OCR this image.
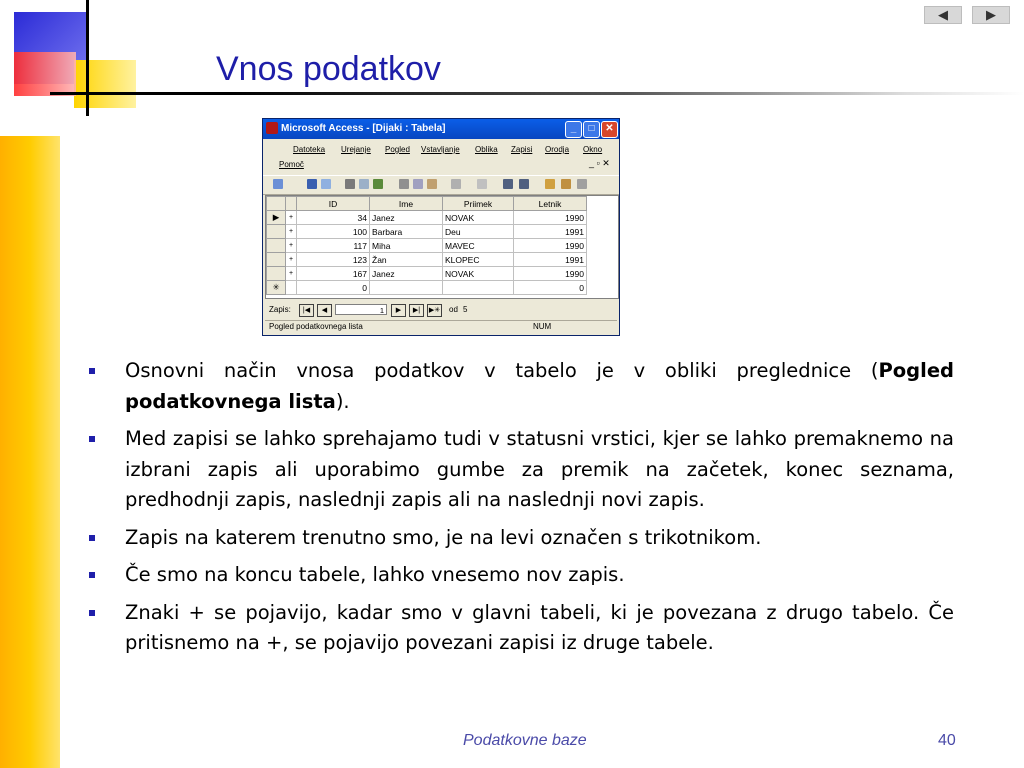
Vnos podatkov
◀	▶
Microsoft Access - [Dijaki : Tabela]	_	□	✕
Datoteka Urejanje Pogled Vstavljanje Oblika Zapisi Orodja Okno
Pomoč	_ ▫ ✕
		ID	Ime	Priimek	Letnik
▶	+	34	Janez	NOVAK	1990
	+	100	Barbara	Deu	1991
	+	117	Miha	MAVEC	1990
	+	123	Žan	KLOPEC	1991
	+	167	Janez	NOVAK	1990
✳		0			0
Zapis:	|◀	◀	1	▶	▶|	▶✳ od 5
Pogled podatkovnega lista	NUM
Osnovni način vnosa podatkov v tabelo je v obliki preglednice (Pogled podatkovnega lista).
Med zapisi se lahko sprehajamo tudi v statusni vrstici, kjer se lahko premaknemo na izbrani zapis ali uporabimo gumbe za premik na začetek, konec seznama, predhodnji zapis, naslednji zapis ali na naslednji novi zapis.
Zapis na katerem trenutno smo, je na levi označen s trikotnikom.
Če smo na koncu tabele, lahko vnesemo nov zapis.
Znaki + se pojavijo, kadar smo v glavni tabeli, ki je povezana z drugo tabelo. Če pritisnemo na +, se pojavijo povezani zapisi iz druge tabele.
Podatkovne baze	40
